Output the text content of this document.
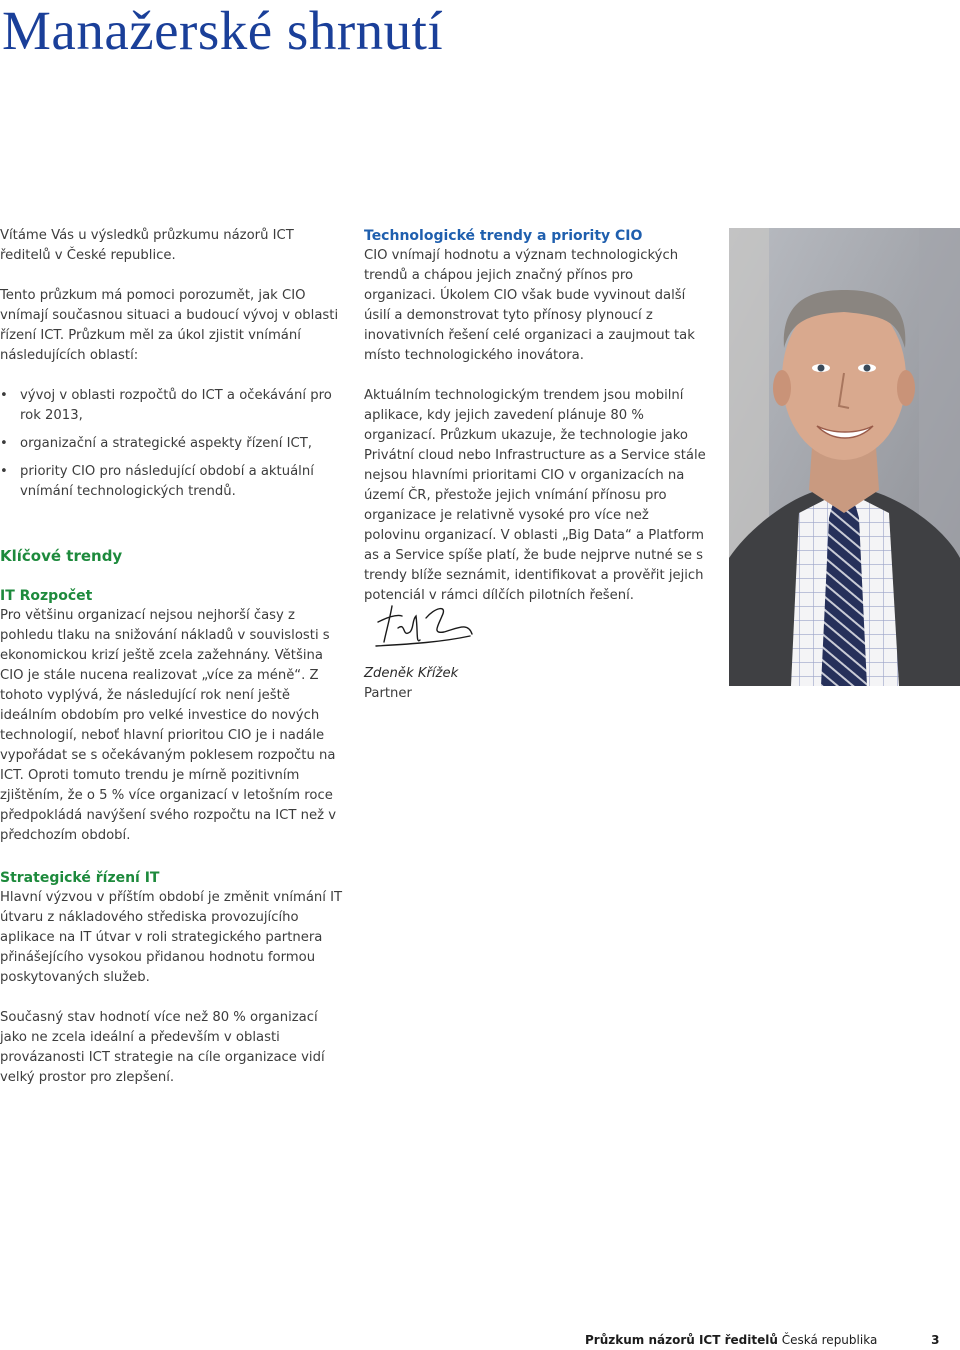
Manažerské shrnutí

Vítáme Vás u výsledků průzkumu názorů ICT ředitelů v České republice.

Tento průzkum má pomoci porozumět, jak CIO vnímají současnou situaci a budoucí vývoj v oblasti řízení ICT. Průzkum měl za úkol zjistit vnímání následujících oblastí:

• vývoj v oblasti rozpočtů do ICT a očekávání pro rok 2013,
• organizační a strategické aspekty řízení ICT,
• priority CIO pro následující období a aktuální vnímání technologických trendů.

Klíčové trendy

IT Rozpočet

Pro většinu organizací nejsou nejhorší časy z pohledu tlaku na snižování nákladů v souvislosti s ekonomickou krizí ještě zcela zažehnány. Většina CIO je stále nucena realizovat „více za méně“. Z tohoto vyplývá, že následující rok není ještě ideálním obdobím pro velké investice do nových technologií, neboť hlavní prioritou CIO je i nadále vypořádat se s očekávaným poklesem rozpočtu na ICT. Oproti tomuto trendu je mírně pozitivním zjištěním, že o 5 % více organizací v letošním roce předpokládá navýšení svého rozpočtu na ICT než v předchozím období.

Strategické řízení IT

Hlavní výzvou v příštím období je změnit vnímání IT útvaru z nákladového střediska provozujícího aplikace na IT útvar v roli strategického partnera přinášejícího vysokou přidanou hodnotu formou poskytovaných služeb.

Současný stav hodnotí více než 80 % organizací jako ne zcela ideální a především v oblasti provázanosti ICT strategie na cíle organizace vidí velký prostor pro zlepšení.

Technologické trendy a priority CIO

CIO vnímají hodnotu a význam technologických trendů a chápou jejich značný přínos pro organizaci. Úkolem CIO však bude vyvinout další úsilí a demonstrovat tyto přínosy plynoucí z inovativních řešení celé organizaci a zaujmout tak místo technologického inovátora.

Aktuálním technologickým trendem jsou mobilní aplikace, kdy jejich zavedení plánuje 80 % organizací. Průzkum ukazuje, že technologie jako Privátní cloud nebo Infrastructure as a Service stále nejsou hlavními prioritami CIO v organizacích na území ČR, přestože jejich vnímání přínosu pro organizace je relativně vysoké pro více než polovinu organizací. V oblasti „Big Data“ a Platform as a Service spíše platí, že bude nejprve nutné se s trendy blíže seznámit, identifikovat a prověřit jejich potenciál v rámci dílčích pilotních řešení.

Zdeněk Křížek
Partner
Průzkum názorů ICT ředitelů Česká republika	3
